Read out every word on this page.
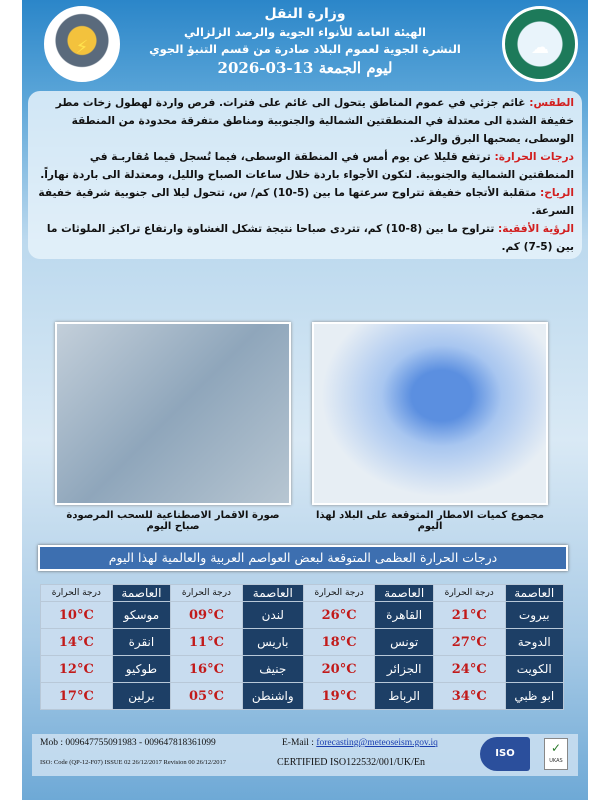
⚡	☁
وزارة النقل
الهيئة العامة للأنواء الجوية والرصد الزلزالي
النشرة الجوية لعموم البلاد صادرة من قسم التنبؤ الجوي
ليوم الجمعة 13-03-2026
الطقس: غائم جزئي في عموم المناطق يتحول الى غائم على فترات. فرص واردة لهطول زخات مطر خفيفة الشدة الى معتدلة في المنطقتين الشمالية والجنوبية ومناطق متفرقة محدودة من المنطقة الوسطى، يصحبها البرق والرعد.
درجات الحرارة: ترتفع قليلا عن يوم أمس في المنطقة الوسطى، فيما تُسجل قيما مُقاربـة في المنطقتين الشمالية والجنوبية. لتكون الأجواء باردة خلال ساعات الصباح والليل، ومعتدلة الى باردة نهاراً.
الرياح: متقلبة الأتجاه خفيفة تتراوح سرعتها ما بين (5-10) كم/ س، تتحول ليلا الى جنوبية شرقية خفيفة السرعة.
الرؤية الأفقية: تتراوح ما بين (8-10) كم، تتردى صباحا نتيجة تشكل الغشاوة وارتفاع تراكيز الملوثات ما بين (5-7) كم.
صورة الاقمار الاصطناعية للسحب المرصودة صباح اليوم
مجموع كميات الامطار المتوقعة على البلاد لهذا اليوم
درجات الحرارة العظمى المتوقعة لبعض العواصم العربية والعالمية لهذا اليوم
العاصمة	درجة الحرارة	العاصمة	درجة الحرارة	العاصمة	درجة الحرارة	العاصمة	درجة الحرارة
بيروت	21°C	القاهرة	26°C	لندن	09°C	موسكو	10°C
الدوحة	27°C	تونس	18°C	باريس	11°C	انقرة	14°C
الكويت	24°C	الجزائر	20°C	جنيف	16°C	طوكيو	12°C
ابو ظبي	34°C	الرباط	19°C	واشنطن	05°C	برلين	17°C
Mob : 009647755091983 - 009647818361099	E-Mail : forecasting@meteoseism.gov.iq
ISO: Code (QP-12-F07) ISSUE 02 26/12/2017 Revision 00 26/12/2017	CERTIFIED ISO122532/001/UK/En
ISO	✓
UKAS
